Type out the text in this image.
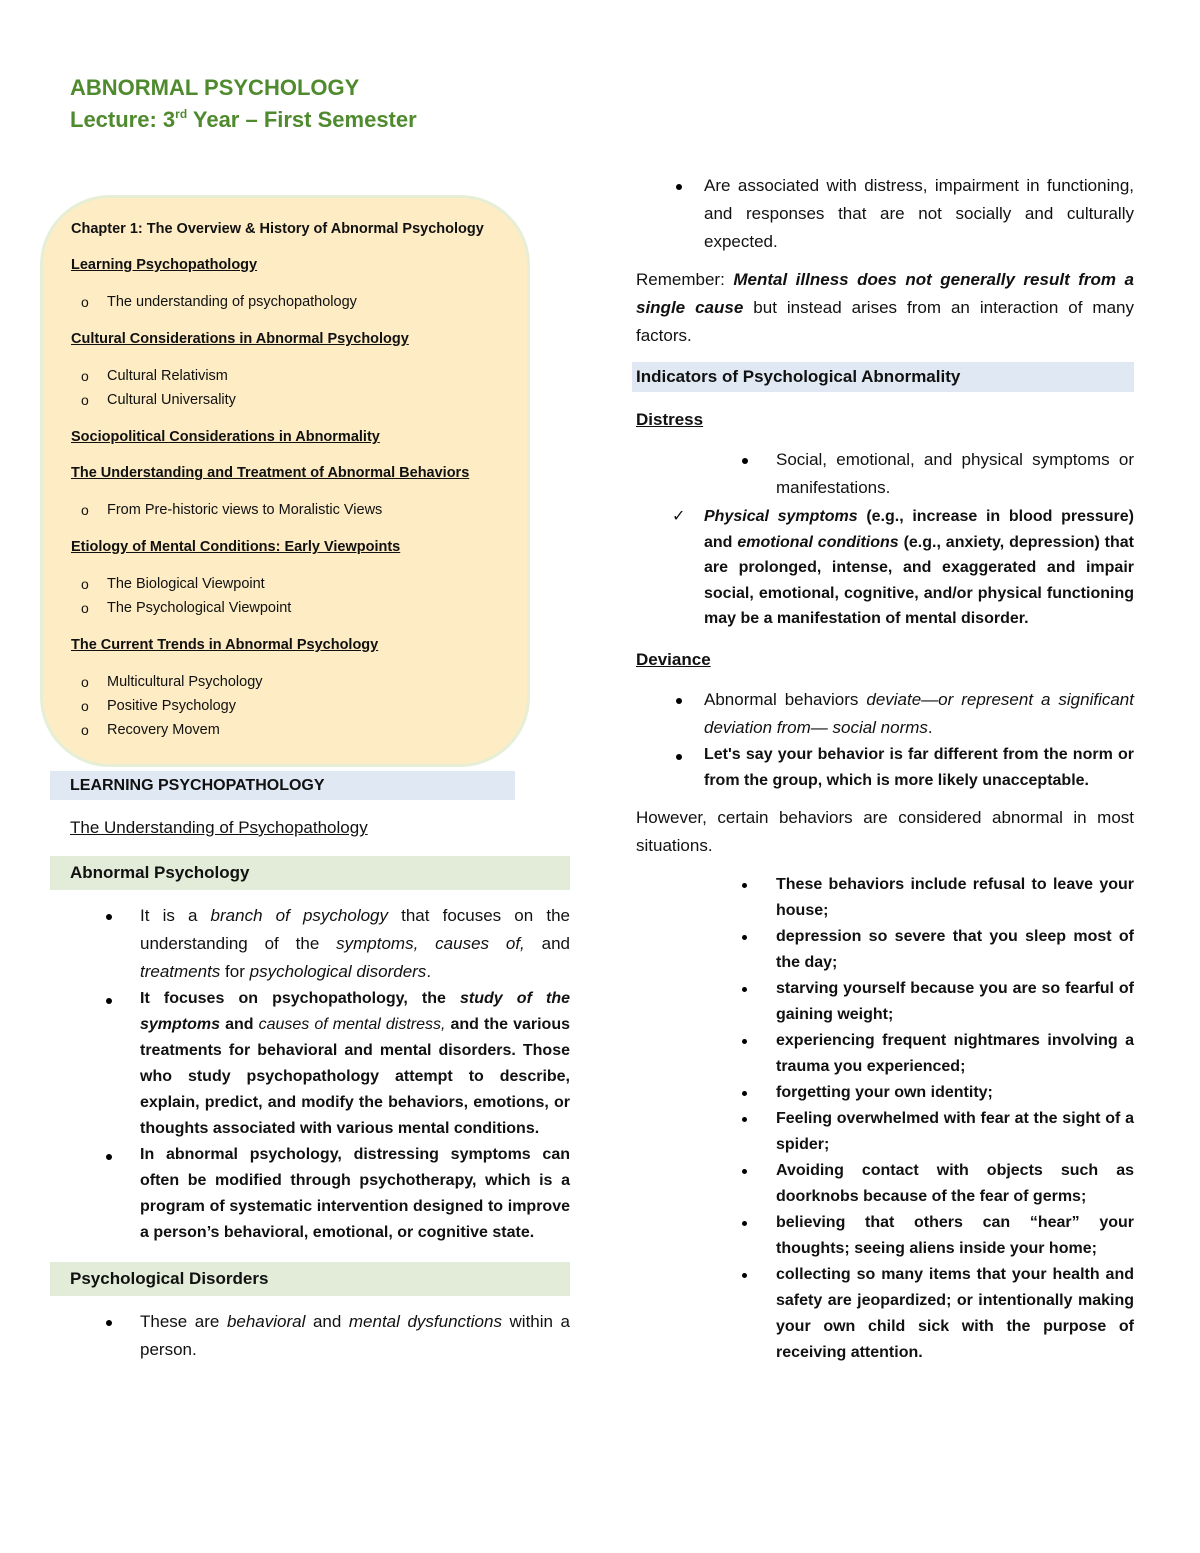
ABNORMAL PSYCHOLOGY
Lecture: 3rd Year – First Semester
Chapter 1: The Overview & History of Abnormal Psychology
Learning Psychopathology
o The understanding of psychopathology
Cultural Considerations in Abnormal Psychology
o Cultural Relativism
o Cultural Universality
Sociopolitical Considerations in Abnormality
The Understanding and Treatment of Abnormal Behaviors
o From Pre-historic views to Moralistic Views
Etiology of Mental Conditions: Early Viewpoints
o The Biological Viewpoint
o The Psychological Viewpoint
The Current Trends in Abnormal Psychology
o Multicultural Psychology
o Positive Psychology
o Recovery Movem
LEARNING PSYCHOPATHOLOGY
The Understanding of Psychopathology
Abnormal Psychology
It is a branch of psychology that focuses on the understanding of the symptoms, causes of, and treatments for psychological disorders.
It focuses on psychopathology, the study of the symptoms and causes of mental distress, and the various treatments for behavioral and mental disorders. Those who study psychopathology attempt to describe, explain, predict, and modify the behaviors, emotions, or thoughts associated with various mental conditions.
In abnormal psychology, distressing symptoms can often be modified through psychotherapy, which is a program of systematic intervention designed to improve a person’s behavioral, emotional, or cognitive state.
Psychological Disorders
These are behavioral and mental dysfunctions within a person.
Are associated with distress, impairment in functioning, and responses that are not socially and culturally expected.
Remember: Mental illness does not generally result from a single cause but instead arises from an interaction of many factors.
Indicators of Psychological Abnormality
Distress
Social, emotional, and physical symptoms or manifestations.
✓ Physical symptoms (e.g., increase in blood pressure) and emotional conditions (e.g., anxiety, depression) that are prolonged, intense, and exaggerated and impair social, emotional, cognitive, and/or physical functioning may be a manifestation of mental disorder.
Deviance
Abnormal behaviors deviate—or represent a significant deviation from— social norms.
Let's say your behavior is far different from the norm or from the group, which is more likely unacceptable.
However, certain behaviors are considered abnormal in most situations.
These behaviors include refusal to leave your house;
depression so severe that you sleep most of the day;
starving yourself because you are so fearful of gaining weight;
experiencing frequent nightmares involving a trauma you experienced;
forgetting your own identity;
Feeling overwhelmed with fear at the sight of a spider;
Avoiding contact with objects such as doorknobs because of the fear of germs;
believing that others can “hear” your thoughts; seeing aliens inside your home;
collecting so many items that your health and safety are jeopardized; or intentionally making your own child sick with the purpose of receiving attention.
